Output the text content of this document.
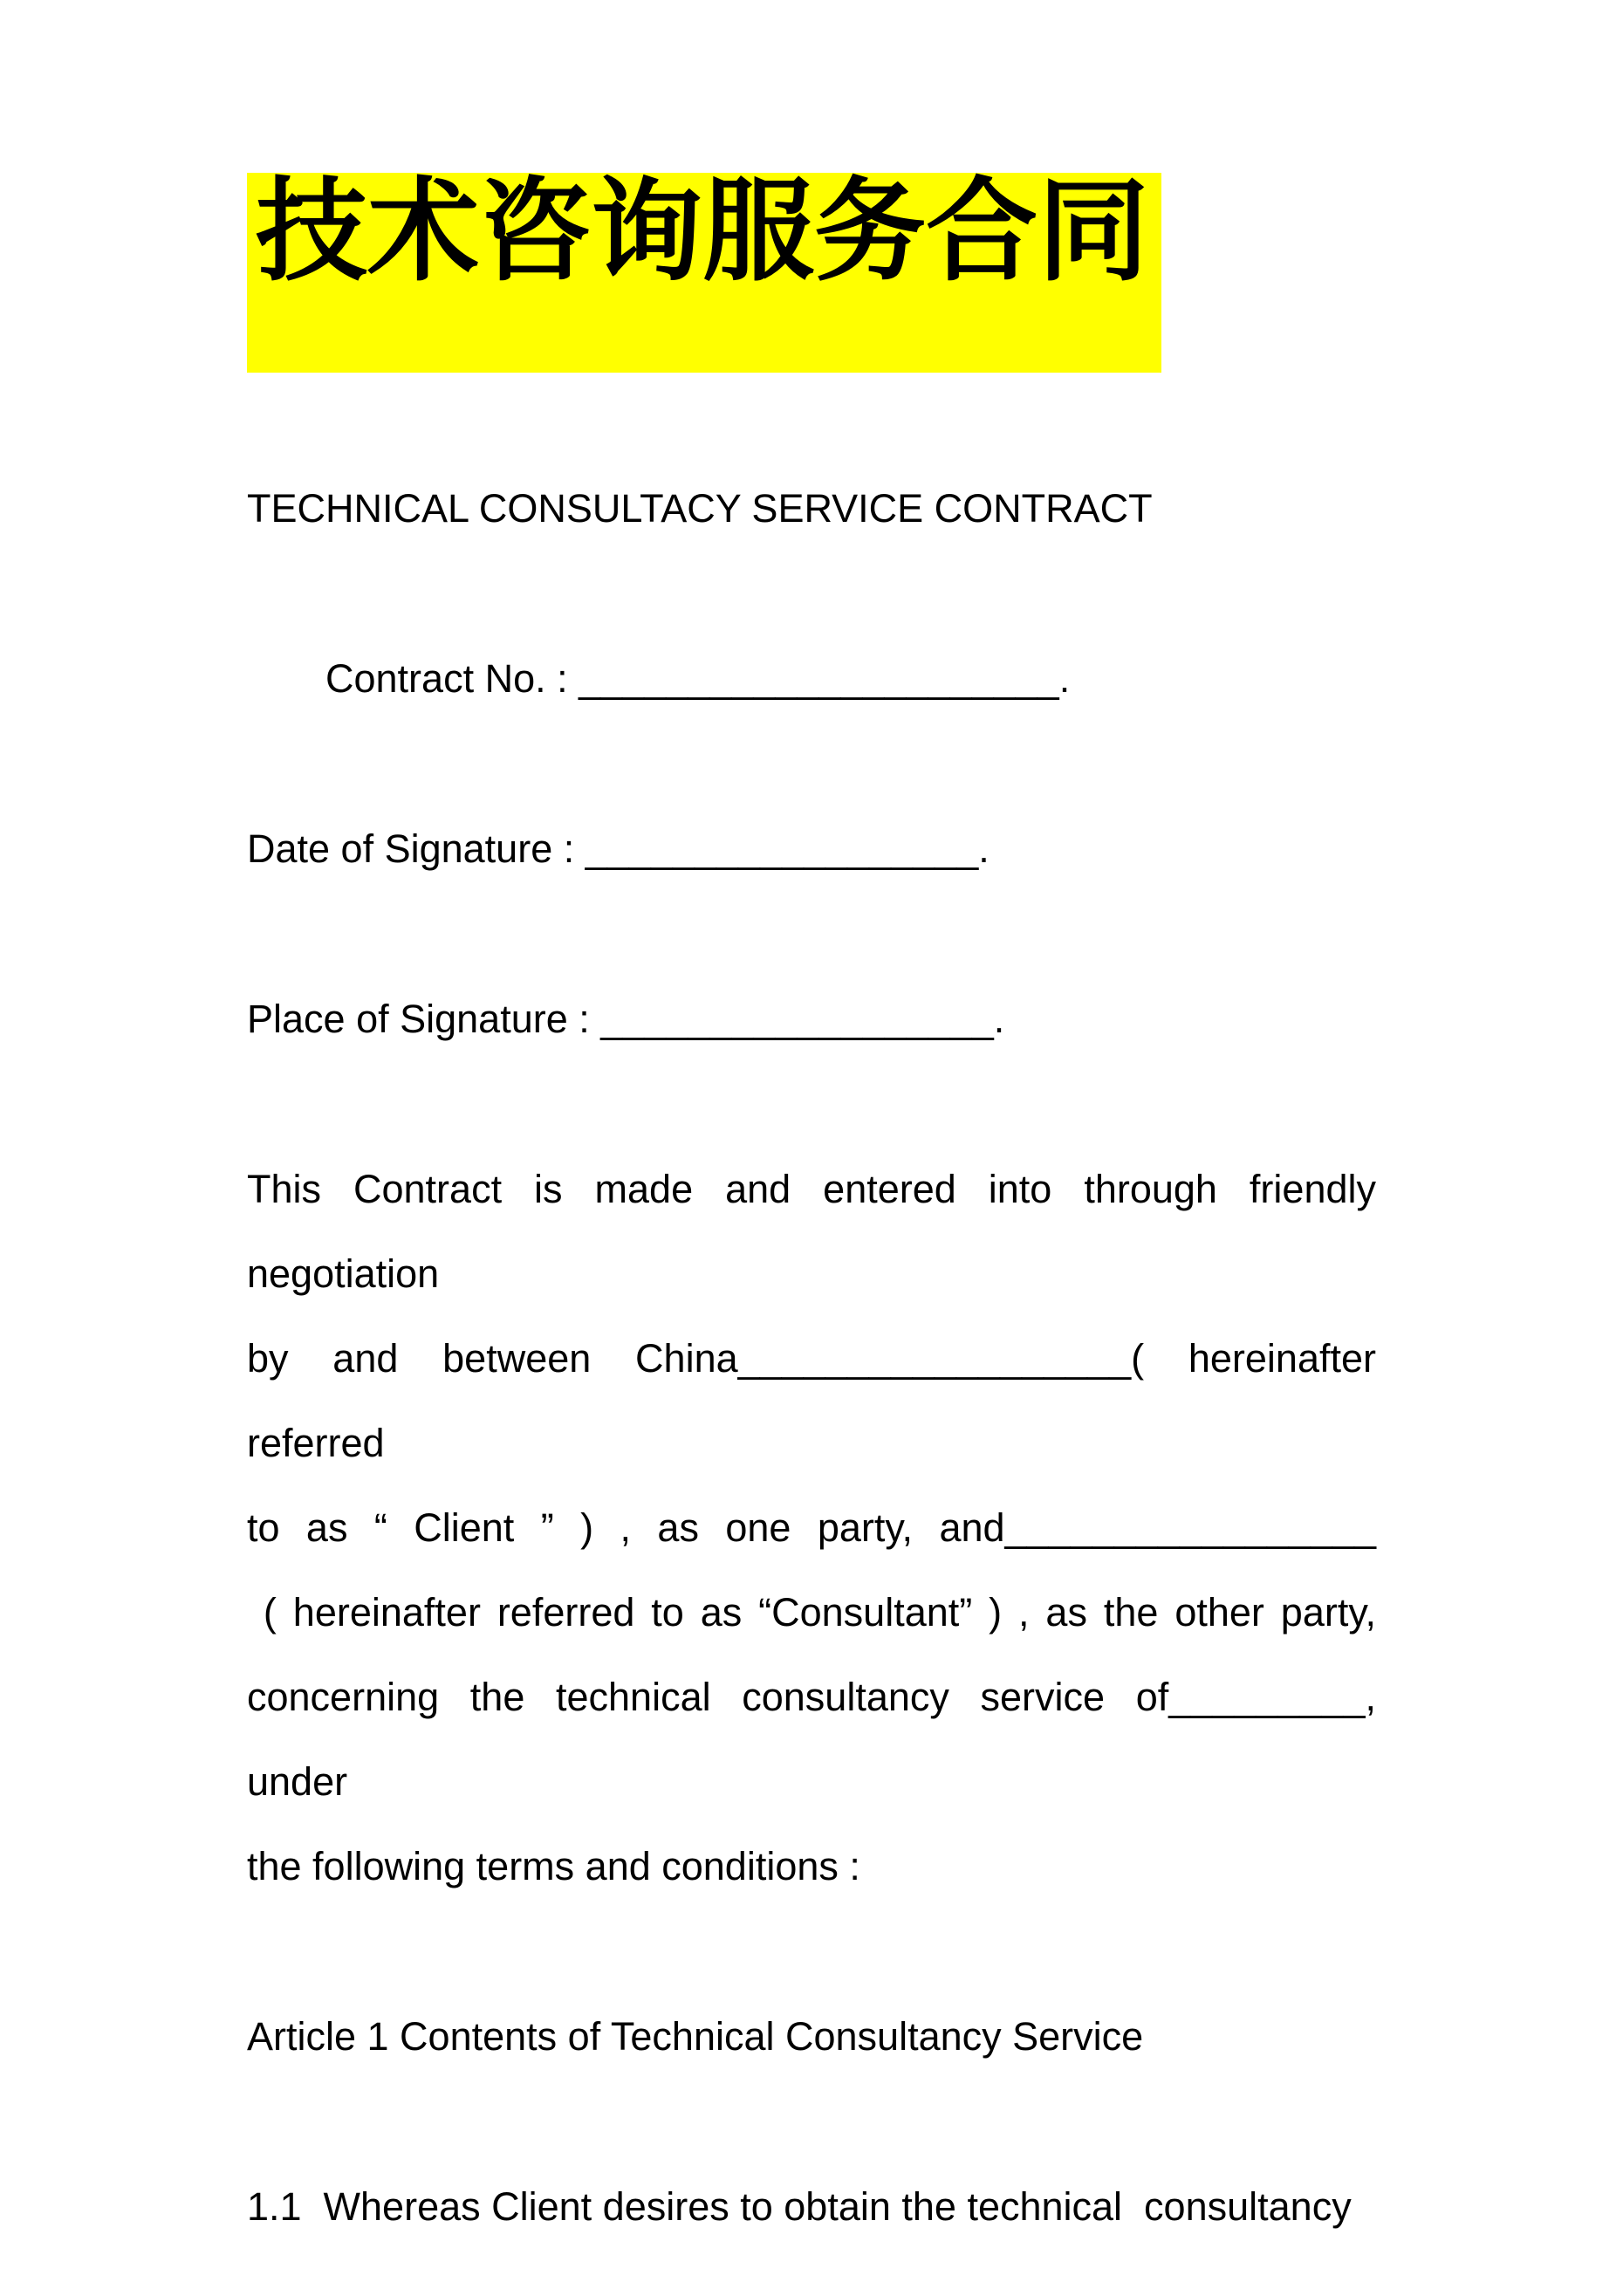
技术咨询服务合同
TECHNICAL CONSULTACY SERVICE CONTRACT
Contract No. : ______________________.
Date of Signature : __________________.
Place of Signature : __________________.
This Contract is made and entered into through friendly negotiation
by and between China__________________( hereinafter referred
to as “ Client ” ) , as one party, and_________________
( hereinafter referred to as “Consultant” ) , as the other party,
concerning the technical consultancy service of_________, under
the following terms and conditions :
Article 1 Contents of Technical Consultancy Service
1.1  Whereas Client desires to obtain the technical  consultancy
